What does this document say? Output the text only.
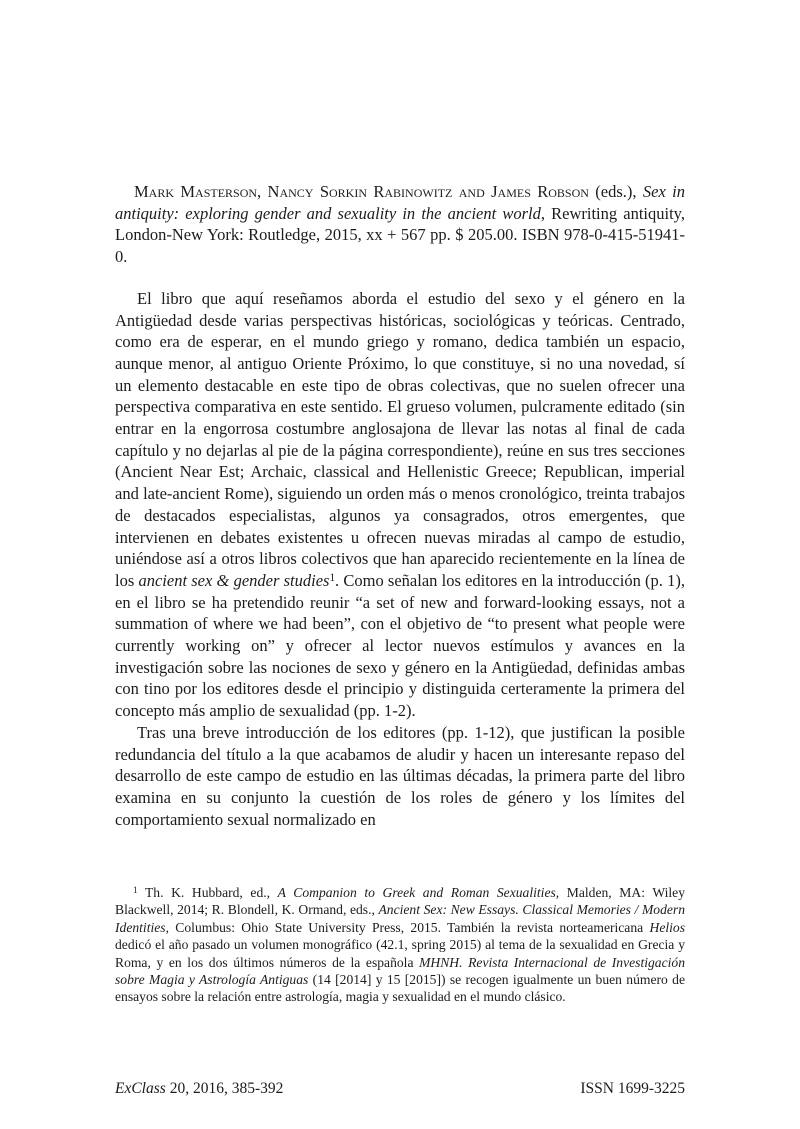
Mark Masterson, Nancy Sorkin Rabinowitz and James Robson (eds.), Sex in antiquity: exploring gender and sexuality in the ancient world, Rewriting antiquity, London-New York: Routledge, 2015, xx + 567 pp. $ 205.00. ISBN 978-0-415-51941-0.

El libro que aquí reseñamos aborda el estudio del sexo y el género en la Antigüedad desde varias perspectivas históricas, sociológicas y teóricas. Centrado, como era de esperar, en el mundo griego y romano, dedica también un espacio, aunque menor, al antiguo Oriente Próximo, lo que constituye, si no una novedad, sí un elemento destacable en este tipo de obras colectivas, que no suelen ofrecer una perspectiva comparativa en este sentido. El grueso volumen, pulcramente editado (sin entrar en la engorrosa costumbre anglosajona de llevar las notas al final de cada capítulo y no dejarlas al pie de la página correspondiente), reúne en sus tres secciones (Ancient Near Est; Archaic, classical and Hellenistic Greece; Republican, imperial and late-ancient Rome), siguiendo un orden más o menos cronológico, treinta trabajos de destacados especialistas, algunos ya consagrados, otros emergentes, que intervienen en debates existentes u ofrecen nuevas miradas al campo de estudio, uniéndose así a otros libros colectivos que han aparecido recientemente en la línea de los ancient sex & gender studies$^1$. Como señalan los editores en la introducción (p. 1), en el libro se ha pretendido reunir “a set of new and forward-looking essays, not a summation of where we had been”, con el objetivo de “to present what people were currently working on” y ofrecer al lector nuevos estímulos y avances en la investigación sobre las nociones de sexo y género en la Antigüedad, definidas ambas con tino por los editores desde el principio y distinguida certeramente la primera del concepto más amplio de sexualidad (pp. 1-2).

Tras una breve introducción de los editores (pp. 1-12), que justifican la posible redundancia del título a la que acabamos de aludir y hacen un interesante repaso del desarrollo de este campo de estudio en las últimas décadas, la primera parte del libro examina en su conjunto la cuestión de los roles de género y los límites del comportamiento sexual normalizado en

$^1$ Th. K. Hubbard, ed., A Companion to Greek and Roman Sexualities, Malden, MA: Wiley Blackwell, 2014; R. Blondell, K. Ormand, eds., Ancient Sex: New Essays. Classical Memories / Modern Identities, Columbus: Ohio State University Press, 2015. También la revista norteamericana Helios dedicó el año pasado un volumen monográfico (42.1, spring 2015) al tema de la sexualidad en Grecia y Roma, y en los dos últimos números de la española MHNH. Revista Internacional de Investigación sobre Magia y Astrología Antiguas (14 [2014] y 15 [2015]) se recogen igualmente un buen número de ensayos sobre la relación entre astrología, magia y sexualidad en el mundo clásico.
ExClass 20, 2016, 385-392	ISSN 1699-3225
